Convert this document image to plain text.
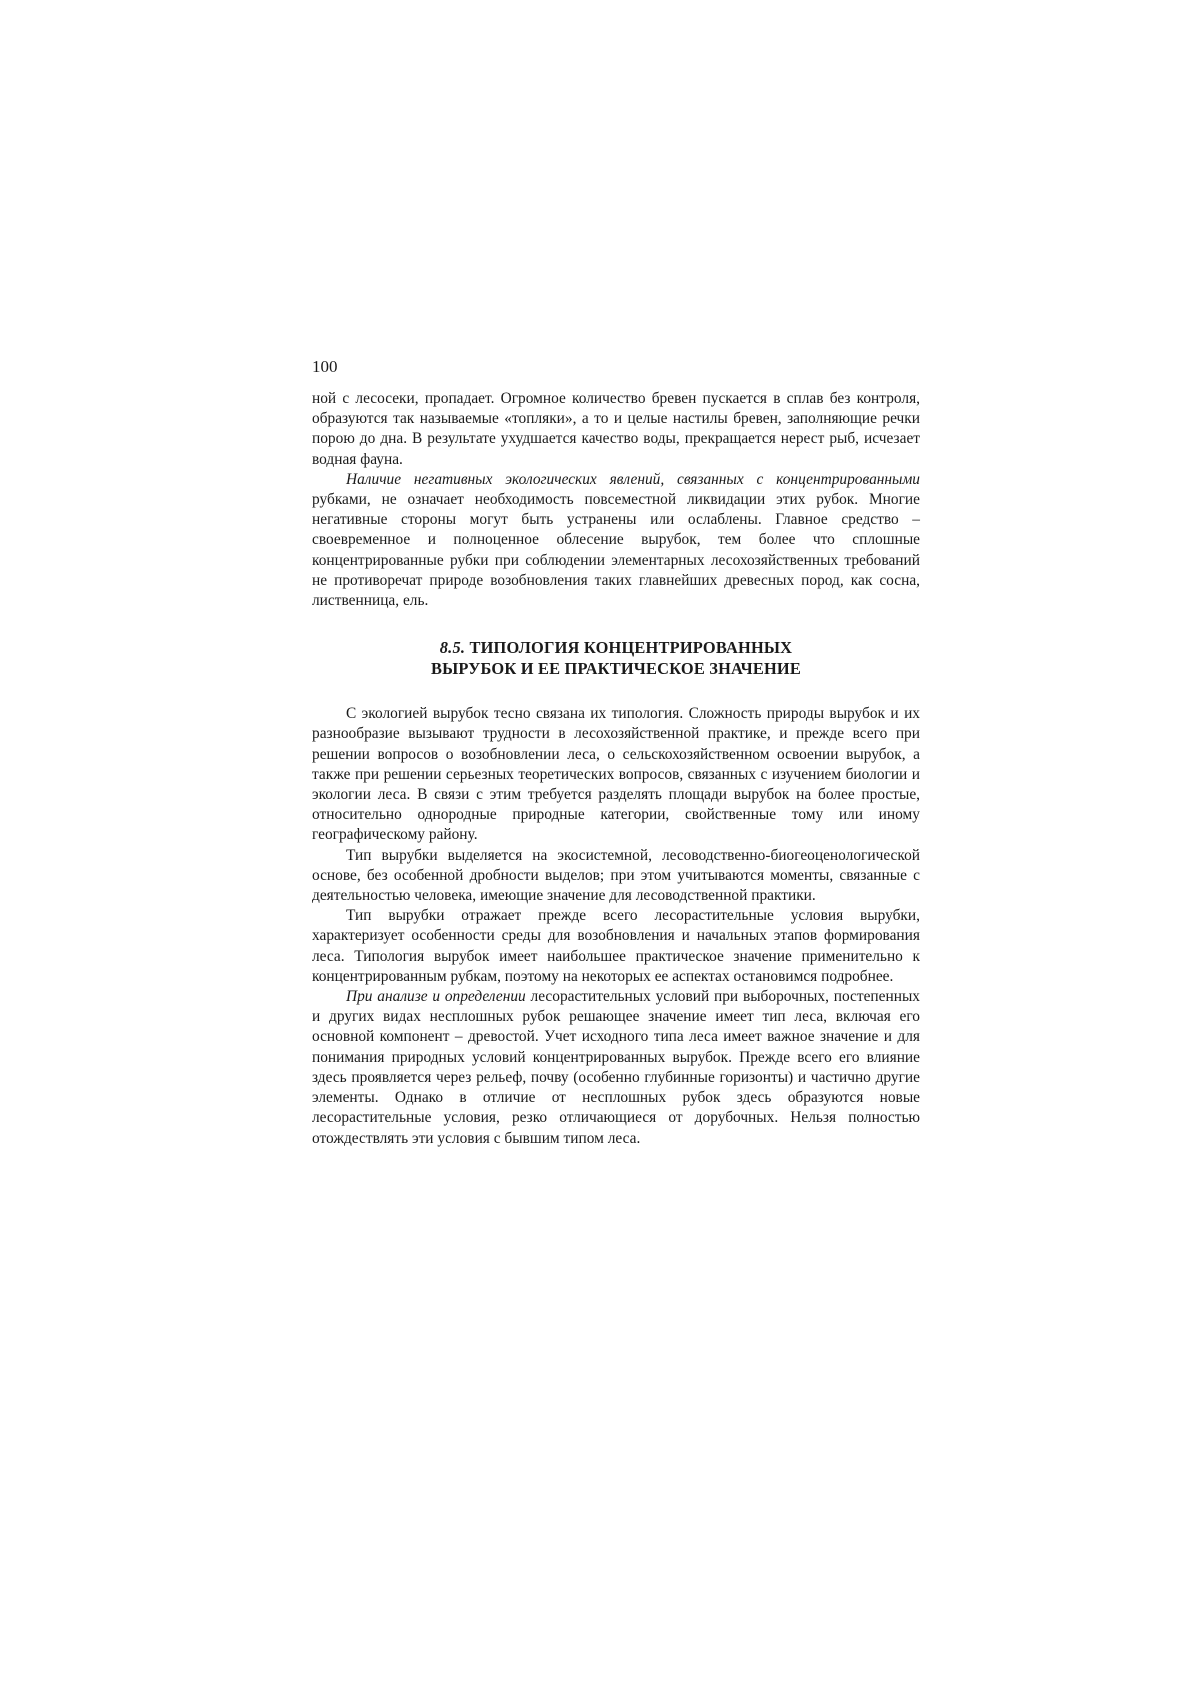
100

ной с лесосеки, пропадает. Огромное количество бревен пускается в сплав без контроля, образуются так называемые «топляки», а то и целые настилы бревен, заполняющие речки порою до дна. В результате ухудшается качество воды, прекращается нерест рыб, исчезает водная фауна.

Наличие негативных экологических явлений, связанных с концентрированными рубками, не означает необходимость повсеместной ликвидации этих рубок. Многие негативные стороны могут быть устранены или ослаблены. Главное средство – своевременное и полноценное облесение вырубок, тем более что сплошные концентрированные рубки при соблюдении элементарных лесохозяйственных требований не противоречат природе возобновления таких главнейших древесных пород, как сосна, лиственница, ель.

8.5. ТИПОЛОГИЯ КОНЦЕНТРИРОВАННЫХ
ВЫРУБОК И ЕЕ ПРАКТИЧЕСКОЕ ЗНАЧЕНИЕ

С экологией вырубок тесно связана их типология. Сложность природы вырубок и их разнообразие вызывают трудности в лесохозяйственной практике, и прежде всего при решении вопросов о возобновлении леса, о сельскохозяйственном освоении вырубок, а также при решении серьезных теоретических вопросов, связанных с изучением биологии и экологии леса. В связи с этим требуется разделять площади вырубок на более простые, относительно однородные природные категории, свойственные тому или иному географическому району.

Тип вырубки выделяется на экосистемной, лесоводственно-биогеоценологической основе, без особенной дробности выделов; при этом учитываются моменты, связанные с деятельностью человека, имеющие значение для лесоводственной практики.

Тип вырубки отражает прежде всего лесорастительные условия вырубки, характеризует особенности среды для возобновления и начальных этапов формирования леса. Типология вырубок имеет наибольшее практическое значение применительно к концентрированным рубкам, поэтому на некоторых ее аспектах остановимся подробнее.

При анализе и определении лесорастительных условий при выборочных, постепенных и других видах несплошных рубок решающее значение имеет тип леса, включая его основной компонент – древостой. Учет исходного типа леса имеет важное значение и для понимания природных условий концентрированных вырубок. Прежде всего его влияние здесь проявляется через рельеф, почву (особенно глубинные горизонты) и частично другие элементы. Однако в отличие от несплошных рубок здесь образуются новые лесорастительные условия, резко отличающиеся от дорубочных. Нельзя полностью отождествлять эти условия с бывшим типом леса.
